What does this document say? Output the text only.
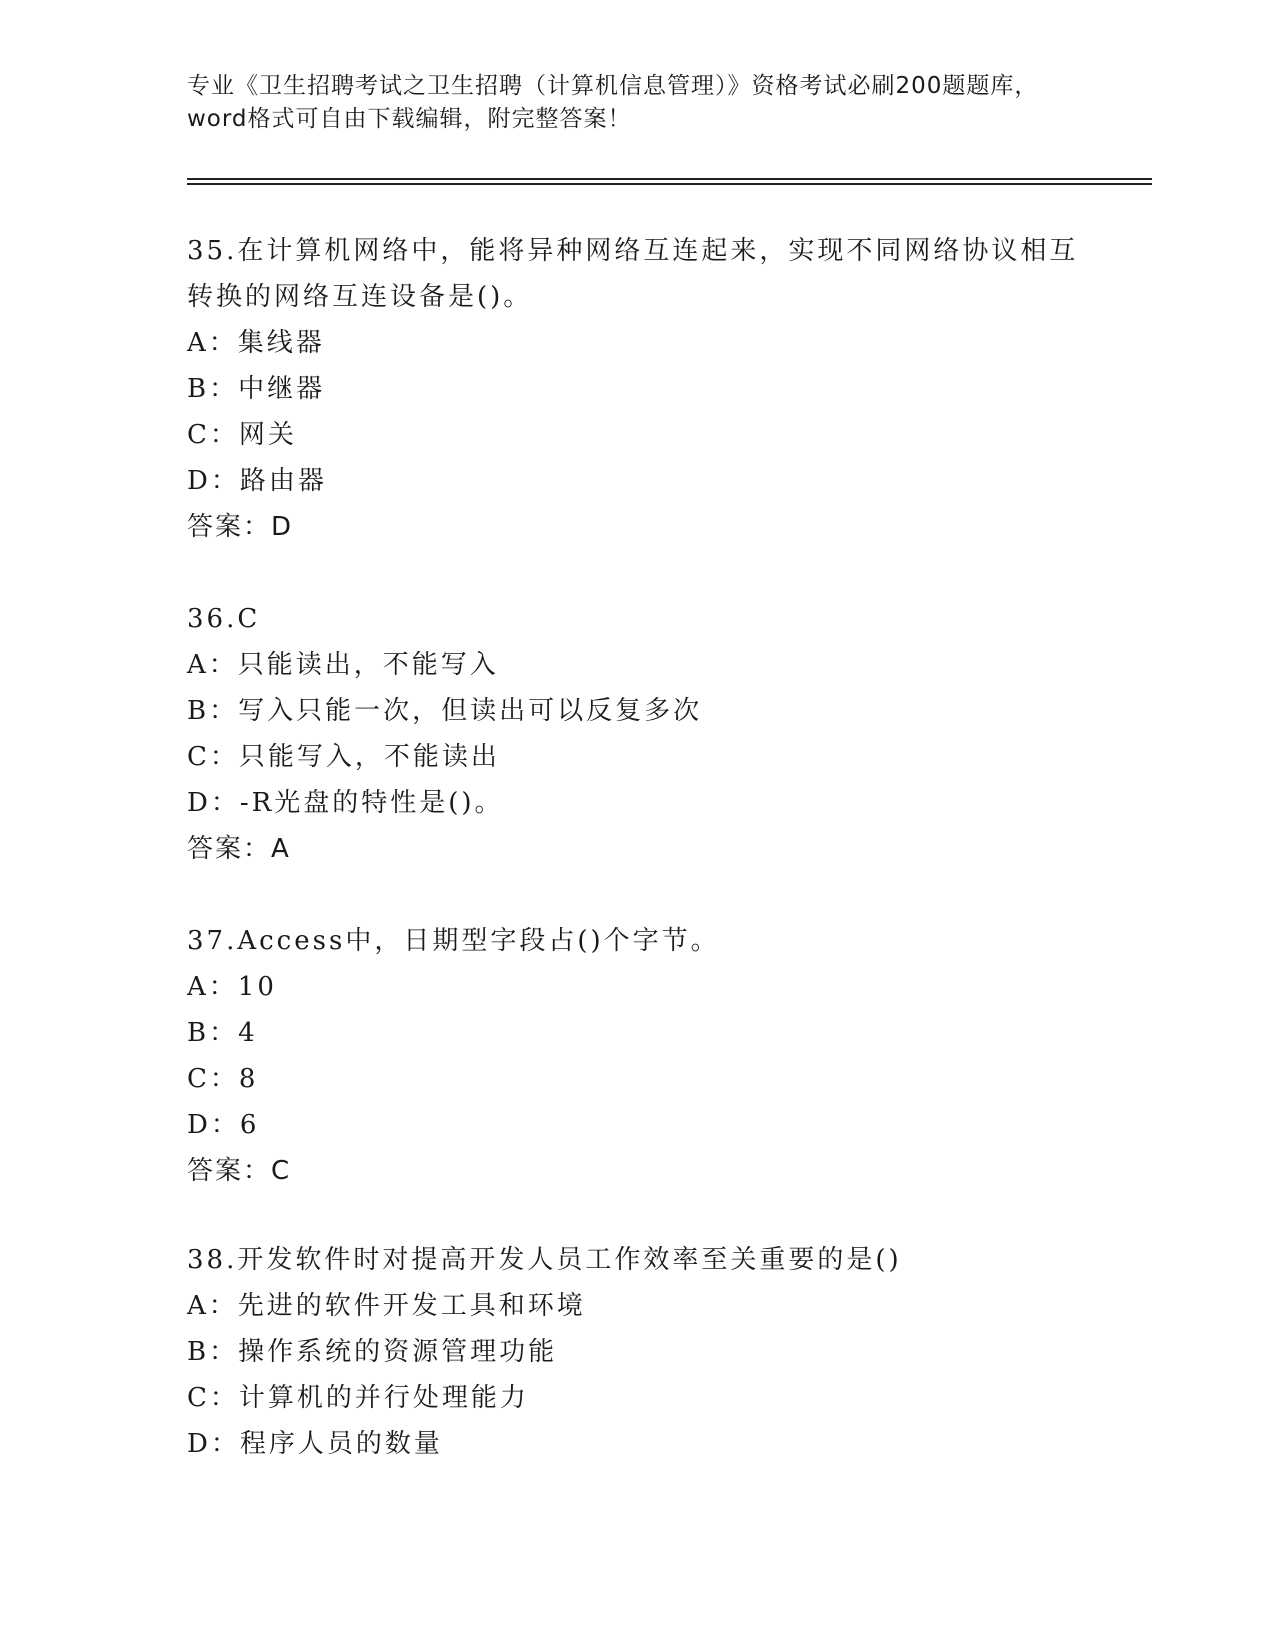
专业《卫生招聘考试之卫生招聘（计算机信息管理）》资格考试必刷200题题库，
word格式可自由下载编辑，附完整答案！
35.在计算机网络中，能将异种网络互连起来，实现不同网络协议相互
转换的网络互连设备是()。
A：集线器
B：中继器
C：网关
D：路由器
答案：D
36.C
A：只能读出，不能写入
B：写入只能一次，但读出可以反复多次
C：只能写入，不能读出
D：-R光盘的特性是()。
答案：A
37.Access中，日期型字段占()个字节。
A：10
B：4
C：8
D：6
答案：C
38.开发软件时对提高开发人员工作效率至关重要的是()
A：先进的软件开发工具和环境
B：操作系统的资源管理功能
C：计算机的并行处理能力
D：程序人员的数量
